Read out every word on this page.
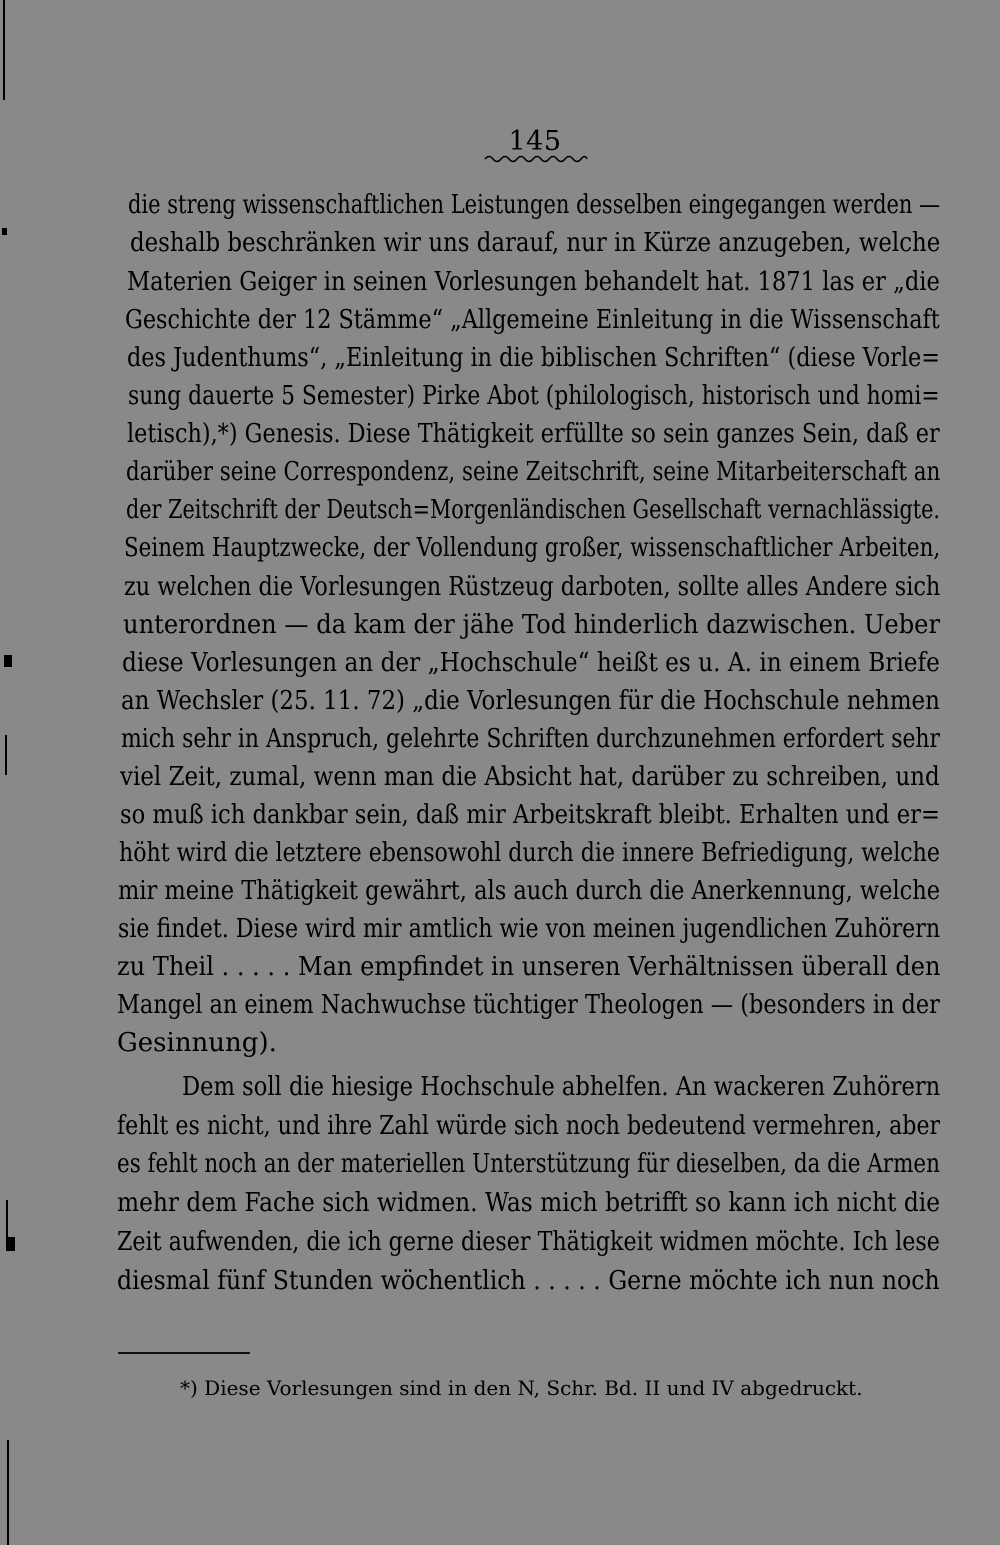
145
die streng wissenschaftlichen Leistungen desselben eingegangen werden —
deshalb beschränken wir uns darauf, nur in Kürze anzugeben, welche
Materien Geiger in seinen Vorlesungen behandelt hat. 1871 las er „die
Geschichte der 12 Stämme“ „Allgemeine Einleitung in die Wissenschaft
des Judenthums“, „Einleitung in die biblischen Schriften“ (diese Vorle=
sung dauerte 5 Semester) Pirke Abot (philologisch, historisch und homi=
letisch),*) Genesis. Diese Thätigkeit erfüllte so sein ganzes Sein, daß er
darüber seine Correspondenz, seine Zeitschrift, seine Mitarbeiterschaft an
der Zeitschrift der Deutsch=Morgenländischen Gesellschaft vernachlässigte.
Seinem Hauptzwecke, der Vollendung großer, wissenschaftlicher Arbeiten,
zu welchen die Vorlesungen Rüstzeug darboten, sollte alles Andere sich
unterordnen — da kam der jähe Tod hinderlich dazwischen. Ueber
diese Vorlesungen an der „Hochschule“ heißt es u. A. in einem Briefe
an Wechsler (25. 11. 72) „die Vorlesungen für die Hochschule nehmen
mich sehr in Anspruch, gelehrte Schriften durchzunehmen erfordert sehr
viel Zeit, zumal, wenn man die Absicht hat, darüber zu schreiben, und
so muß ich dankbar sein, daß mir Arbeitskraft bleibt. Erhalten und er=
höht wird die letztere ebensowohl durch die innere Befriedigung, welche
mir meine Thätigkeit gewährt, als auch durch die Anerkennung, welche
sie findet. Diese wird mir amtlich wie von meinen jugendlichen Zuhörern
zu Theil . . . . . Man empfindet in unseren Verhältnissen überall den
Mangel an einem Nachwuchse tüchtiger Theologen — (besonders in der
Gesinnung).
Dem soll die hiesige Hochschule abhelfen. An wackeren Zuhörern
fehlt es nicht, und ihre Zahl würde sich noch bedeutend vermehren, aber
es fehlt noch an der materiellen Unterstützung für dieselben, da die Armen
mehr dem Fache sich widmen. Was mich betrifft so kann ich nicht die
Zeit aufwenden, die ich gerne dieser Thätigkeit widmen möchte. Ich lese
diesmal fünf Stunden wöchentlich . . . . . Gerne möchte ich nun noch
*) Diese Vorlesungen sind in den N, Schr. Bd. II und IV abgedruckt.
